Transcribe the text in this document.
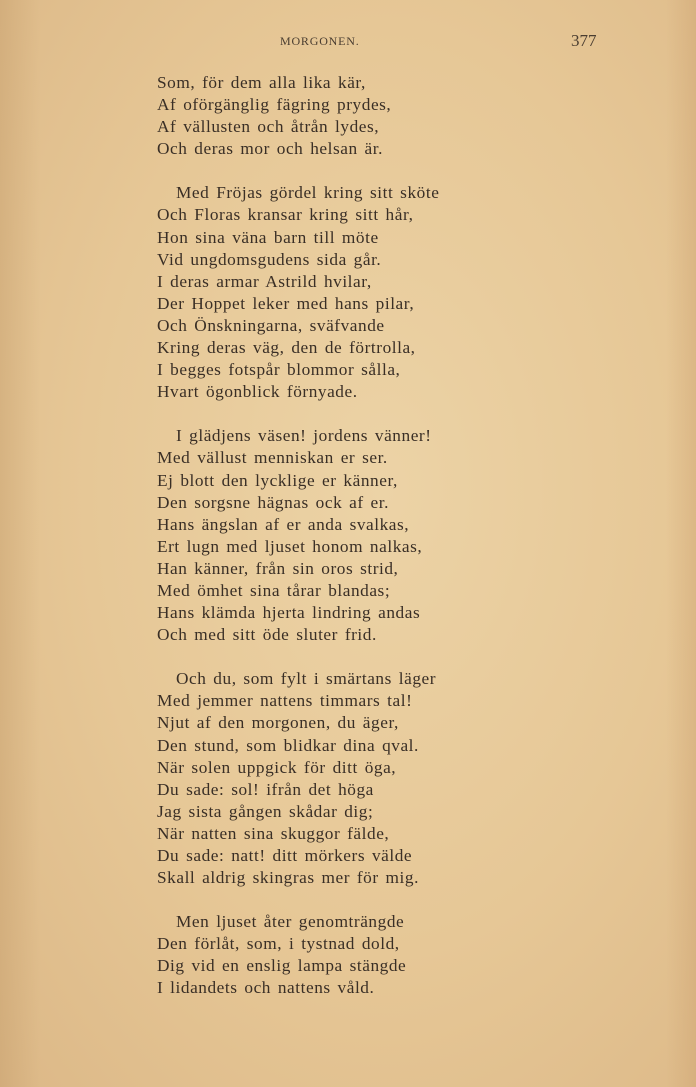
MORGONEN.	377
Som, för dem alla lika kär,
Af oförgänglig fägring prydes,
Af vällusten och åtrån lydes,
Och deras mor och helsan är.
Med Fröjas gördel kring sitt sköte
Och Floras kransar kring sitt hår,
Hon sina väna barn till möte
Vid ungdomsgudens sida går.
I deras armar Astrild hvilar,
Der Hoppet leker med hans pilar,
Och Önskningarna, sväfvande
Kring deras väg, den de förtrolla,
I begges fotspår blommor sålla,
Hvart ögonblick förnyade.
I glädjens väsen! jordens vänner!
Med vällust menniskan er ser.
Ej blott den lycklige er känner,
Den sorgsne hägnas ock af er.
Hans ängslan af er anda svalkas,
Ert lugn med ljuset honom nalkas,
Han känner, från sin oros strid,
Med ömhet sina tårar blandas;
Hans klämda hjerta lindring andas
Och med sitt öde sluter frid.
Och du, som fylt i smärtans läger
Med jemmer nattens timmars tal!
Njut af den morgonen, du äger,
Den stund, som blidkar dina qval.
När solen uppgick för ditt öga,
Du sade: sol! ifrån det höga
Jag sista gången skådar dig;
När natten sina skuggor fälde,
Du sade: natt! ditt mörkers välde
Skall aldrig skingras mer för mig.
Men ljuset åter genomträngde
Den förlåt, som, i tystnad dold,
Dig vid en enslig lampa stängde
I lidandets och nattens våld.
